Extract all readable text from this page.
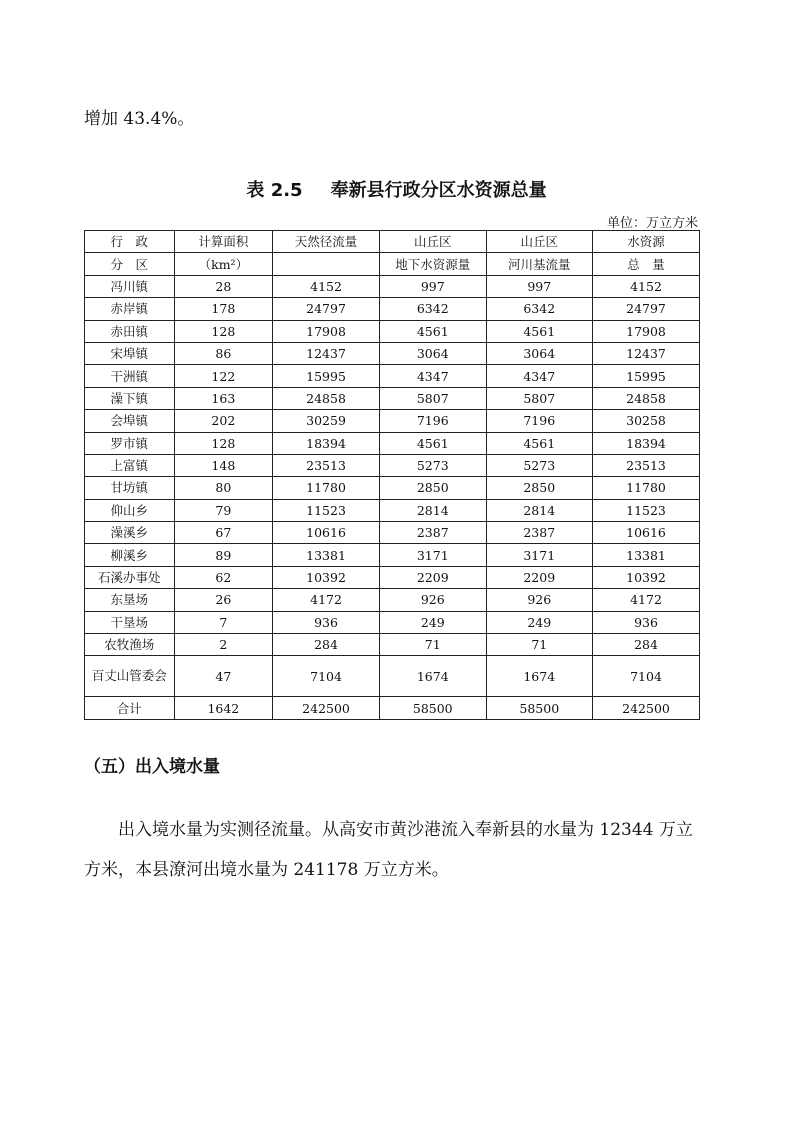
增加 43.4%。
表 2.5 奉新县行政分区水资源总量
单位：万立方米
行　政	计算面积	天然径流量	山丘区	山丘区	水资源
分　区	（km²）		地下水资源量	河川基流量	总　量
冯川镇	28	4152	997	997	4152
赤岸镇	178	24797	6342	6342	24797
赤田镇	128	17908	4561	4561	17908
宋埠镇	86	12437	3064	3064	12437
干洲镇	122	15995	4347	4347	15995
澡下镇	163	24858	5807	5807	24858
会埠镇	202	30259	7196	7196	30258
罗市镇	128	18394	4561	4561	18394
上富镇	148	23513	5273	5273	23513
甘坊镇	80	11780	2850	2850	11780
仰山乡	79	11523	2814	2814	11523
澡溪乡	67	10616	2387	2387	10616
柳溪乡	89	13381	3171	3171	13381
石溪办事处	62	10392	2209	2209	10392
东垦场	26	4172	926	926	4172
干垦场	7	936	249	249	936
农牧渔场	2	284	71	71	284
百丈山管委会	47	7104	1674	1674	7104
合计	1642	242500	58500	58500	242500
（五）出入境水量
出入境水量为实测径流量。从高安市黄沙港流入奉新县的水量为 12344 万立方米，本县潦河出境水量为 241178 万立方米。
